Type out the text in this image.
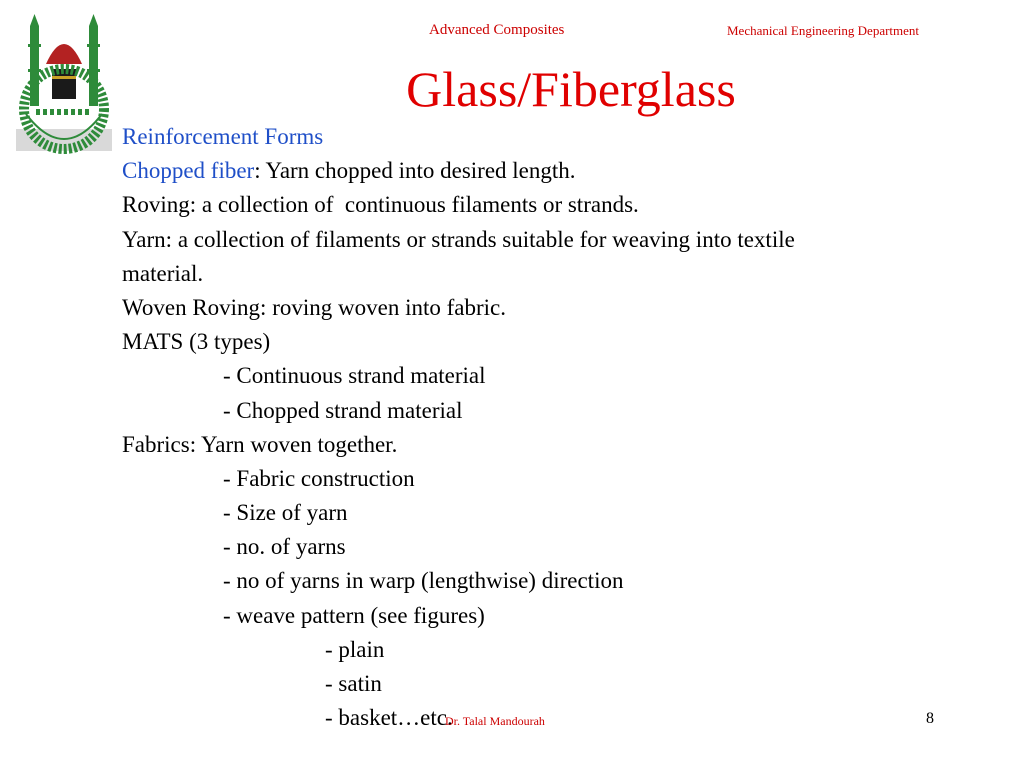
Advanced Composites	Mechanical Engineering Department
Glass/Fiberglass
Reinforcement Forms
Chopped fiber: Yarn chopped into desired length.
Roving: a collection of  continuous filaments or strands.
Yarn: a collection of filaments or strands suitable for weaving into textile
material.
Woven Roving: roving woven into fabric.
MATS (3 types)
- Continuous strand material
- Chopped strand material
Fabrics: Yarn woven together.
- Fabric construction
- Size of yarn
- no. of yarns
- no of yarns in warp (lengthwise) direction
- weave pattern (see figures)
- plain
- satin
- basket…etc.
Dr. Talal Mandourah	8
